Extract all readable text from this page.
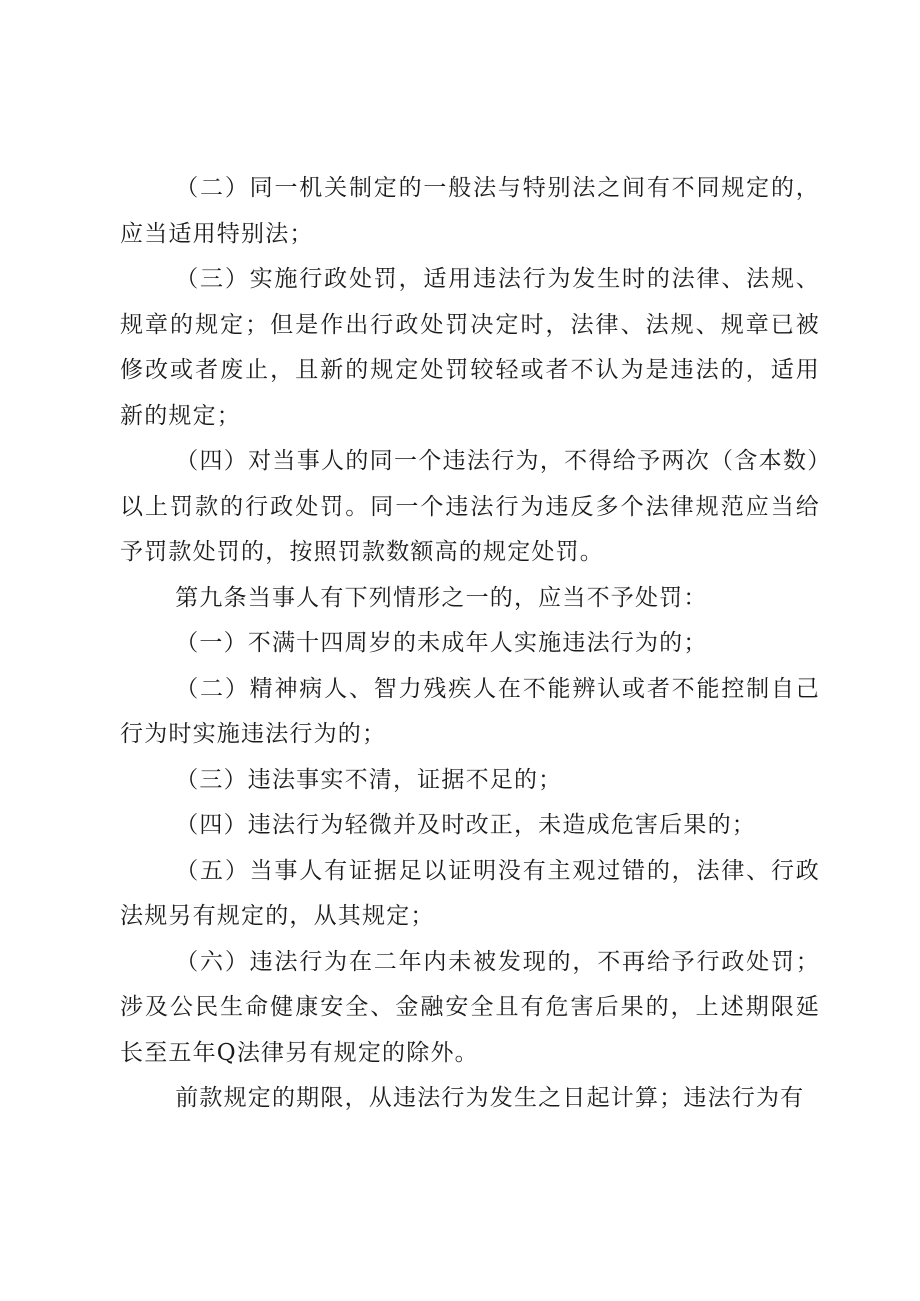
（二）同一机关制定的一般法与特别法之间有不同规定的，应当适用特别法；

（三）实施行政处罚，适用违法行为发生时的法律、法规、规章的规定；但是作出行政处罚决定时，法律、法规、规章已被修改或者废止，且新的规定处罚较轻或者不认为是违法的，适用新的规定；

（四）对当事人的同一个违法行为，不得给予两次（含本数）以上罚款的行政处罚。同一个违法行为违反多个法律规范应当给予罚款处罚的，按照罚款数额高的规定处罚。

第九条当事人有下列情形之一的，应当不予处罚：

（一）不满十四周岁的未成年人实施违法行为的；

（二）精神病人、智力残疾人在不能辨认或者不能控制自己行为时实施违法行为的；

（三）违法事实不清，证据不足的；

（四）违法行为轻微并及时改正，未造成危害后果的；

（五）当事人有证据足以证明没有主观过错的，法律、行政法规另有规定的，从其规定；

（六）违法行为在二年内未被发现的，不再给予行政处罚；涉及公民生命健康安全、金融安全且有危害后果的，上述期限延长至五年Q法律另有规定的除外。

前款规定的期限，从违法行为发生之日起计算；违法行为有
